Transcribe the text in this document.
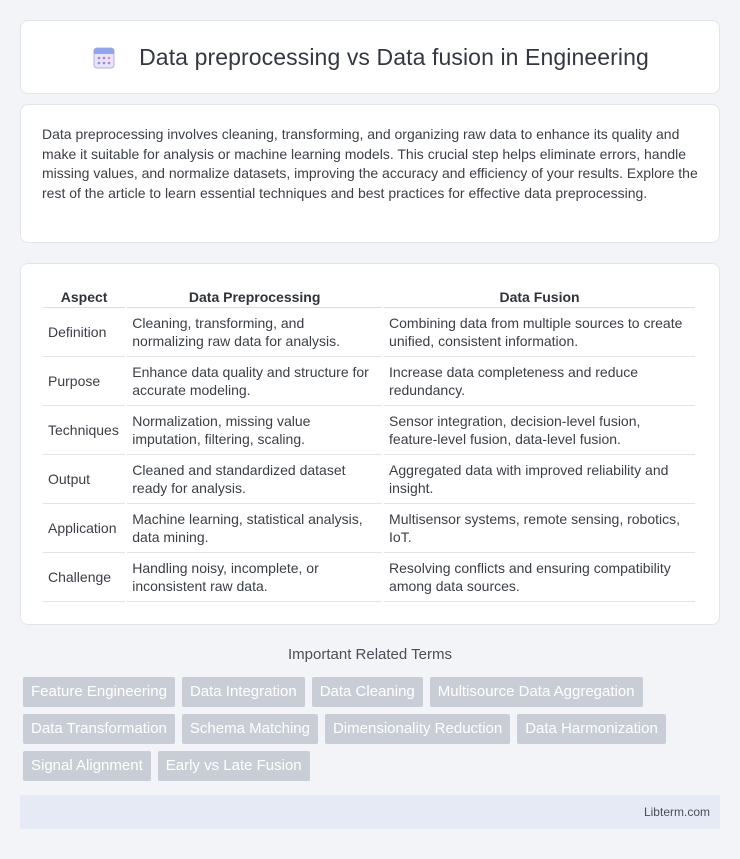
Data preprocessing vs Data fusion in Engineering

Data preprocessing involves cleaning, transforming, and organizing raw data to enhance its quality and make it suitable for analysis or machine learning models. This crucial step helps eliminate errors, handle missing values, and normalize datasets, improving the accuracy and efficiency of your results. Explore the rest of the article to learn essential techniques and best practices for effective data preprocessing.

Aspect	Data Preprocessing	Data Fusion
Definition	Cleaning, transforming, and normalizing raw data for analysis.	Combining data from multiple sources to create unified, consistent information.
Purpose	Enhance data quality and structure for accurate modeling.	Increase data completeness and reduce redundancy.
Techniques	Normalization, missing value imputation, filtering, scaling.	Sensor integration, decision-level fusion, feature-level fusion, data-level fusion.
Output	Cleaned and standardized dataset ready for analysis.	Aggregated data with improved reliability and insight.
Application	Machine learning, statistical analysis, data mining.	Multisensor systems, remote sensing, robotics, IoT.
Challenge	Handling noisy, incomplete, or inconsistent raw data.	Resolving conflicts and ensuring compatibility among data sources.
Important Related Terms
Feature Engineering	Data Integration	Data Cleaning	Multisource Data Aggregation
Data Transformation	Schema Matching	Dimensionality Reduction	Data Harmonization
Signal Alignment	Early vs Late Fusion
Libterm.com
